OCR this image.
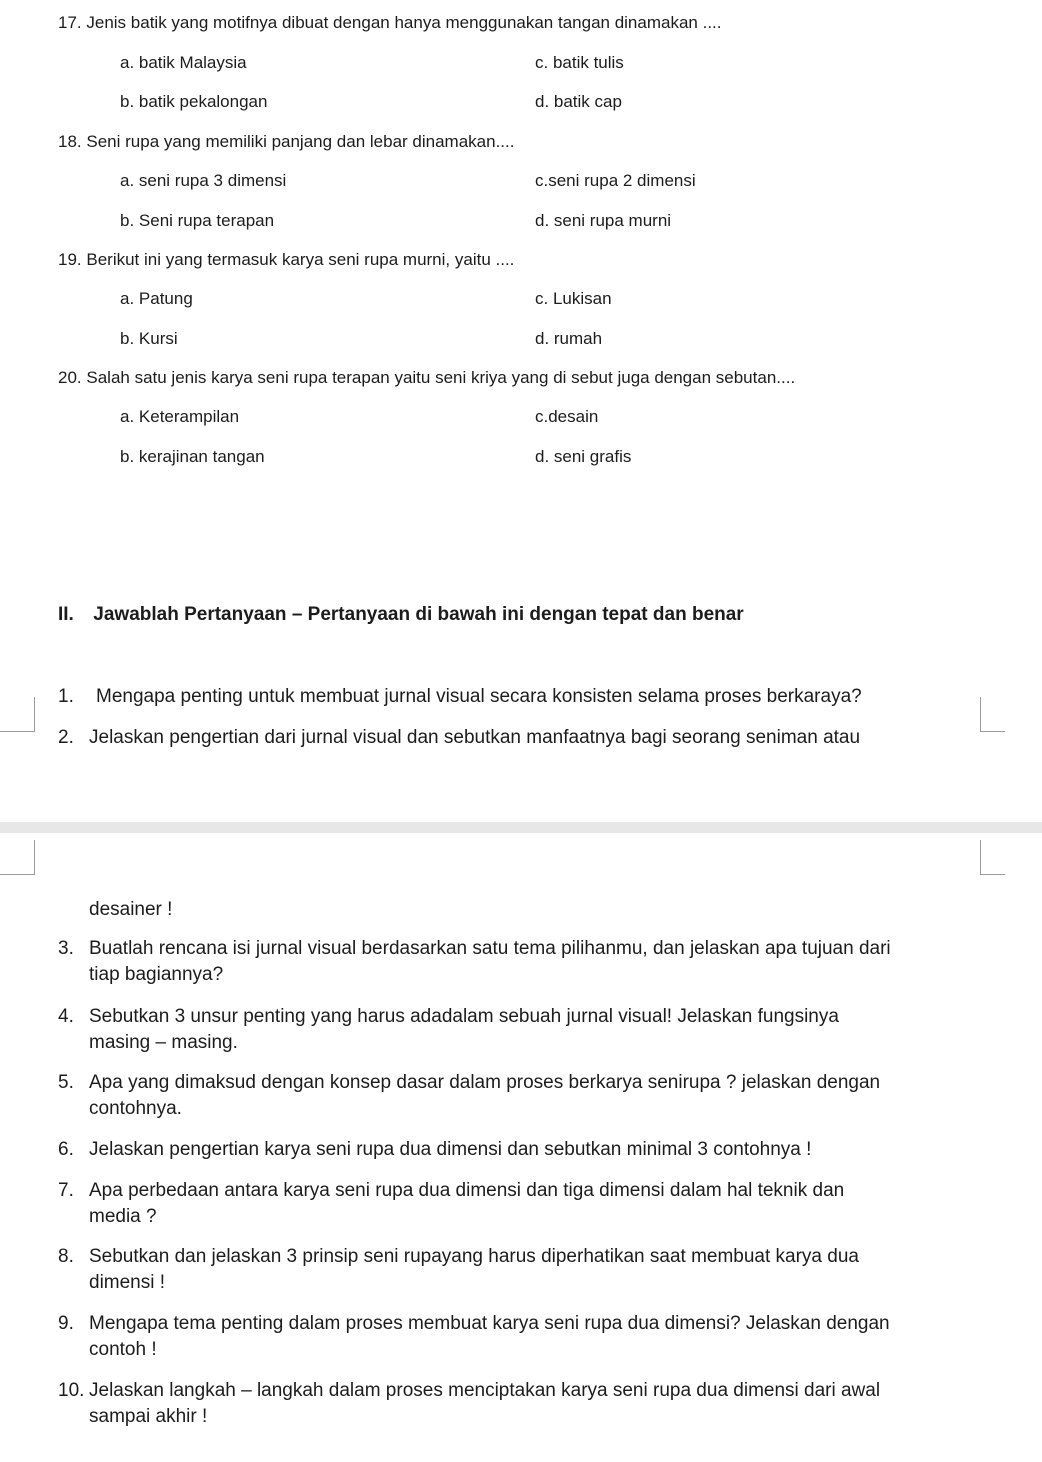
17. Jenis batik yang motifnya dibuat dengan hanya menggunakan tangan dinamakan ....
a. batik Malaysia	c. batik tulis
b. batik pekalongan	d. batik cap
18. Seni rupa yang memiliki panjang dan lebar dinamakan....
a. seni rupa 3 dimensi	c.seni rupa 2 dimensi
b. Seni rupa terapan	d. seni rupa murni
19. Berikut ini yang termasuk karya seni rupa murni, yaitu ....
a. Patung	c. Lukisan
b. Kursi	d. rumah
20. Salah satu jenis karya seni rupa terapan yaitu seni kriya yang di sebut juga dengan sebutan....
a. Keterampilan	c.desain
b. kerajinan tangan	d. seni grafis
II. Jawablah Pertanyaan – Pertanyaan di bawah ini dengan tepat dan benar
1. Mengapa penting untuk membuat jurnal visual secara konsisten selama proses berkaraya?
2. Jelaskan pengertian dari jurnal visual dan sebutkan manfaatnya bagi seorang seniman atau
desainer !
3. Buatlah rencana isi jurnal visual berdasarkan satu tema pilihanmu, dan jelaskan apa tujuan dari
tiap bagiannya?
4. Sebutkan 3 unsur penting yang harus adadalam sebuah jurnal visual! Jelaskan fungsinya
masing – masing.
5. Apa yang dimaksud dengan konsep dasar dalam proses berkarya senirupa ? jelaskan dengan
contohnya.
6. Jelaskan pengertian karya seni rupa dua dimensi dan sebutkan minimal 3 contohnya !
7. Apa perbedaan antara karya seni rupa dua dimensi dan tiga dimensi dalam hal teknik dan
media ?
8. Sebutkan dan jelaskan 3 prinsip seni rupayang harus diperhatikan saat membuat karya dua
dimensi !
9. Mengapa tema penting dalam proses membuat karya seni rupa dua dimensi? Jelaskan dengan
contoh !
10. Jelaskan langkah – langkah dalam proses menciptakan karya seni rupa dua dimensi dari awal
sampai akhir !
